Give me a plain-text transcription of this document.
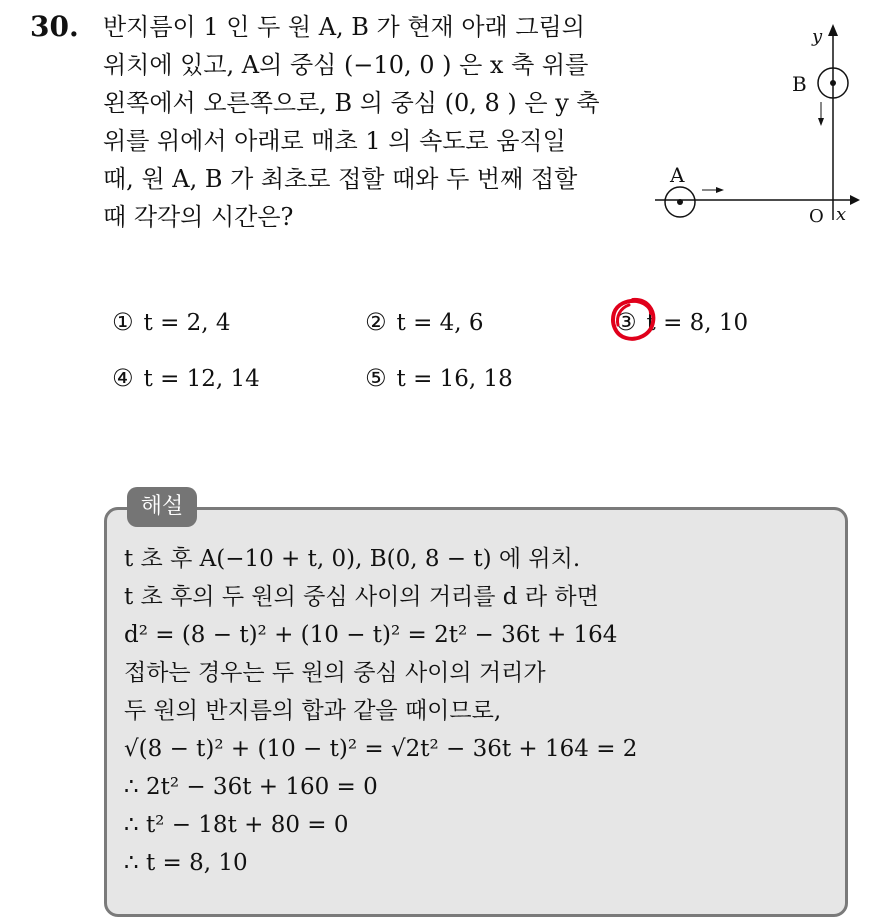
30. 반지름이 1 인 두 원 A, B 가 현재 아래 그림의
위치에 있고, A의 중심 (−10, 0 ) 은 x 축 위를
왼쪽에서 오른쪽으로, B 의 중심 (0, 8 ) 은 y 축
위를 위에서 아래로 매초 1 의 속도로 움직일
때, 원 A, B 가 최초로 접할 때와 두 번째 접할
때 각각의 시간은?
y
x
O
B
A
① t = 2, 4	② t = 4, 6	③ t = 8, 10
④ t = 12, 14	⑤ t = 16, 18
해설
t 초 후 A(−10 + t, 0), B(0, 8 − t) 에 위치.
t 초 후의 두 원의 중심 사이의 거리를 d 라 하면
d² = (8 − t)² + (10 − t)² = 2t² − 36t + 164
접하는 경우는 두 원의 중심 사이의 거리가
두 원의 반지름의 합과 같을 때이므로,
√(8 − t)² + (10 − t)² = √2t² − 36t + 164 = 2
∴ 2t² − 36t + 160 = 0
∴ t² − 18t + 80 = 0
∴ t = 8, 10
